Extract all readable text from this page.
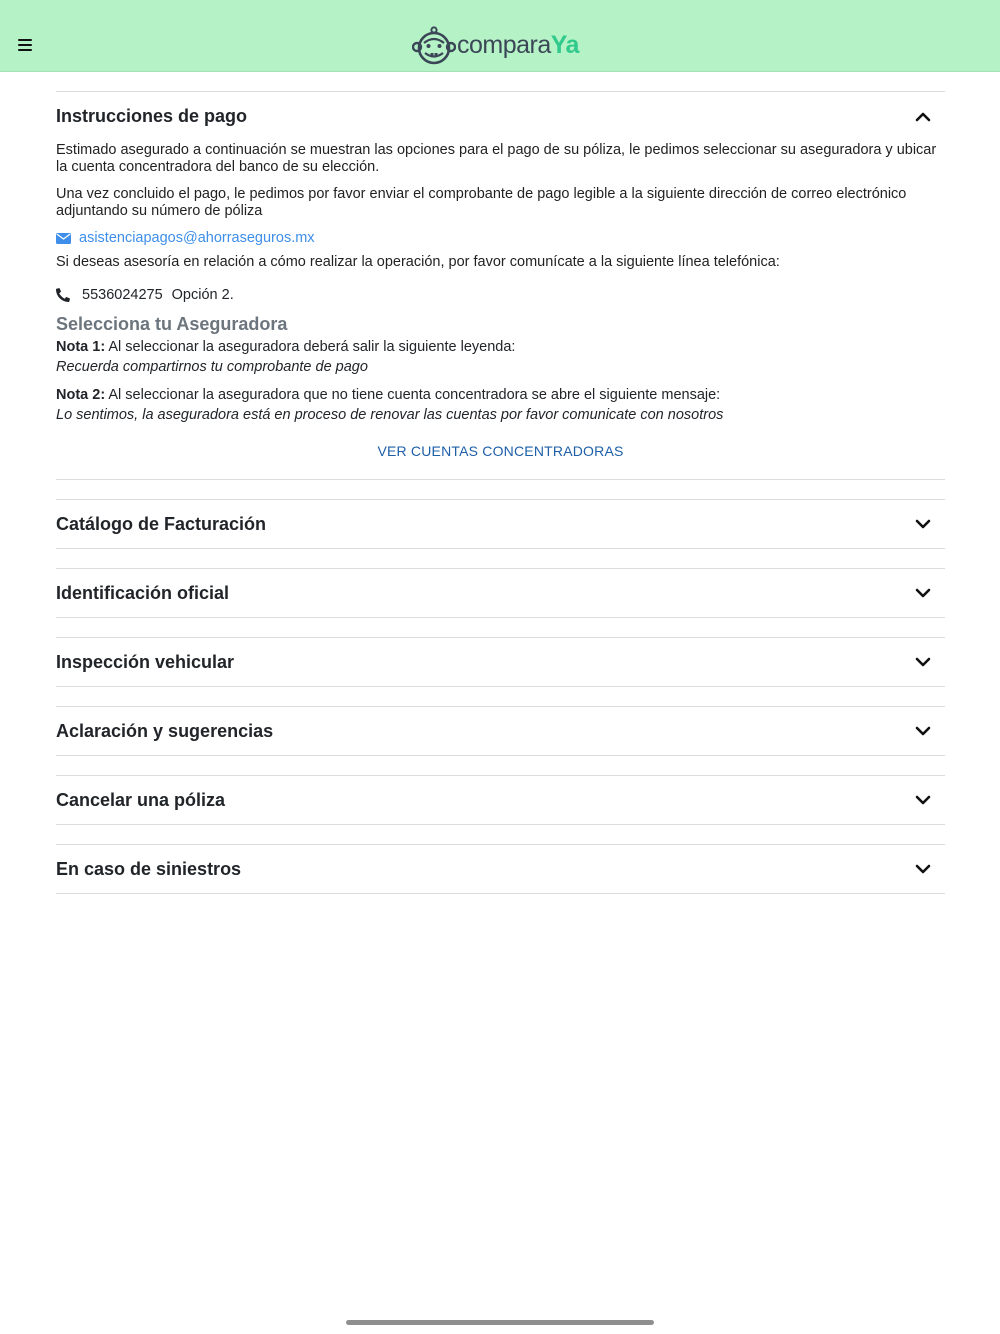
comparaYa
Instrucciones de pago

Estimado asegurado a continuación se muestran las opciones para el pago de su póliza, le pedimos seleccionar su aseguradora y ubicar la cuenta concentradora del banco de su elección.

Una vez concluido el pago, le pedimos por favor enviar el comprobante de pago legible a la siguiente dirección de correo electrónico adjuntando su número de póliza

asistenciapagos@ahorraseguros.mx

Si deseas asesoría en relación a cómo realizar la operación, por favor comunícate a la siguiente línea telefónica:

5536024275 Opción 2.
Selecciona tu Aseguradora
Nota 1: Al seleccionar la aseguradora deberá salir la siguiente leyenda:
Recuerda compartirnos tu comprobante de pago
Nota 2: Al seleccionar la aseguradora que no tiene cuenta concentradora se abre el siguiente mensaje:
Lo sentimos, la aseguradora está en proceso de renovar las cuentas por favor comunicate con nosotros
VER CUENTAS CONCENTRADORAS
Catálogo de Facturación
Identificación oficial
Inspección vehicular
Aclaración y sugerencias
Cancelar una póliza
En caso de siniestros
